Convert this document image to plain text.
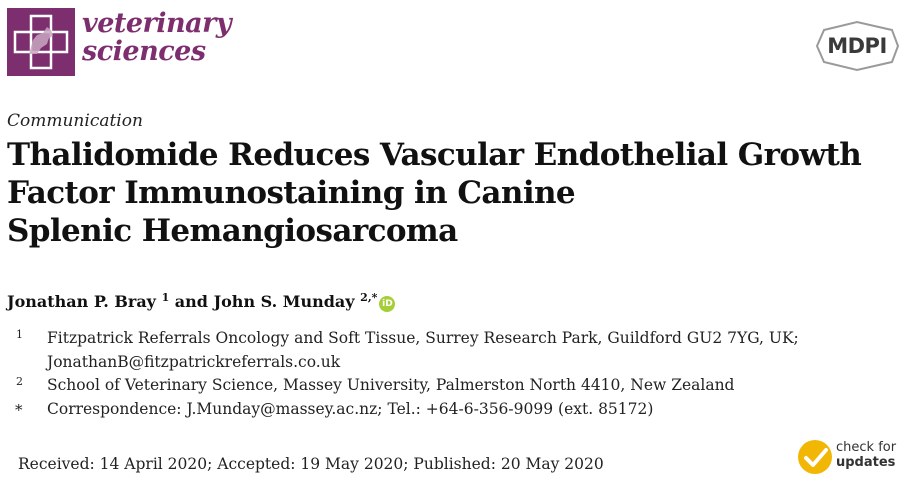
veterinary
sciences	MDPI
Communication
Thalidomide Reduces Vascular Endothelial Growth
Factor Immunostaining in Canine
Splenic Hemangiosarcoma
Jonathan P. Bray $^1$ and John S. Munday $^{2,*}$ iD
1 Fitzpatrick Referrals Oncology and Soft Tissue, Surrey Research Park, Guildford GU2 7YG, UK;
JonathanB@fitzpatrickreferrals.co.uk
2 School of Veterinary Science, Massey University, Palmerston North 4410, New Zealand
* Correspondence: J.Munday@massey.ac.nz; Tel.: +64-6-356-9099 (ext. 85172)
Received: 14 April 2020; Accepted: 19 May 2020; Published: 20 May 2020
check for
updates
